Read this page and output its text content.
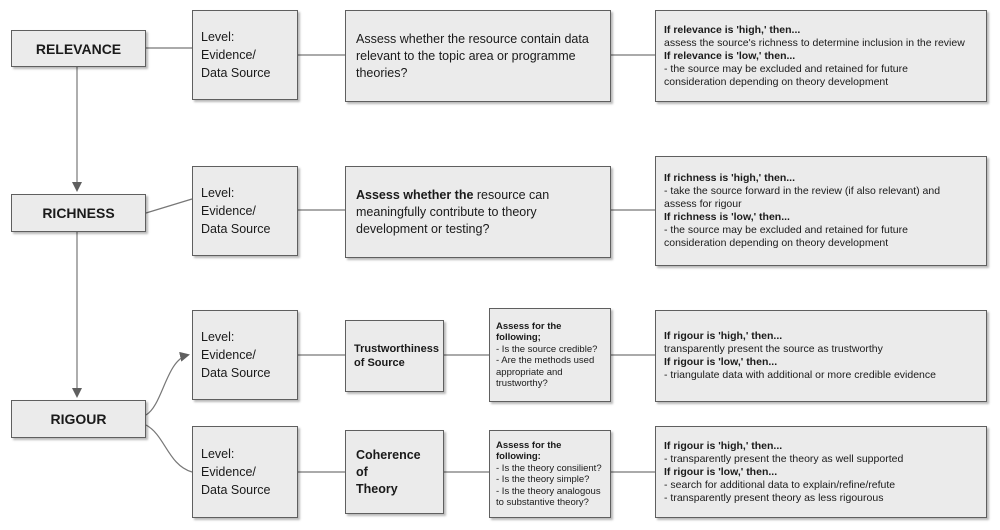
RELEVANCE
RICHNESS
RIGOUR
Level:
Evidence/
Data Source
Level:
Evidence/
Data Source
Level:
Evidence/
Data Source
Level:
Evidence/
Data Source
Assess whether the resource contain data relevant to the topic area or programme theories?
If relevance is 'high,' then...
assess the source's richness to determine inclusion in the review
If relevance is 'low,' then...
- the source may be excluded and retained for future
consideration depending on theory development
Assess whether the resource can meaningfully contribute to theory development or testing?
If richness is 'high,' then...
- take the source forward in the review (if also relevant) and
assess for rigour
If richness is 'low,' then...
- the source may be excluded and retained for future
consideration depending on theory development
Trustworthiness
of Source
Assess for the
following;
- Is the source credible?
- Are the methods used
appropriate and
trustworthy?
If rigour is 'high,' then...
transparently present the source as trustworthy
If rigour is 'low,' then...
- triangulate data with additional or more credible evidence
Coherence of
Theory
Assess for the
following:
- Is the theory consilient?
- Is the theory simple?
- Is the theory analogous
to substantive theory?
If rigour is 'high,' then...
- transparently present the theory as well supported
If rigour is 'low,' then...
- search for additional data to explain/refine/refute
- transparently present theory as less rigourous
